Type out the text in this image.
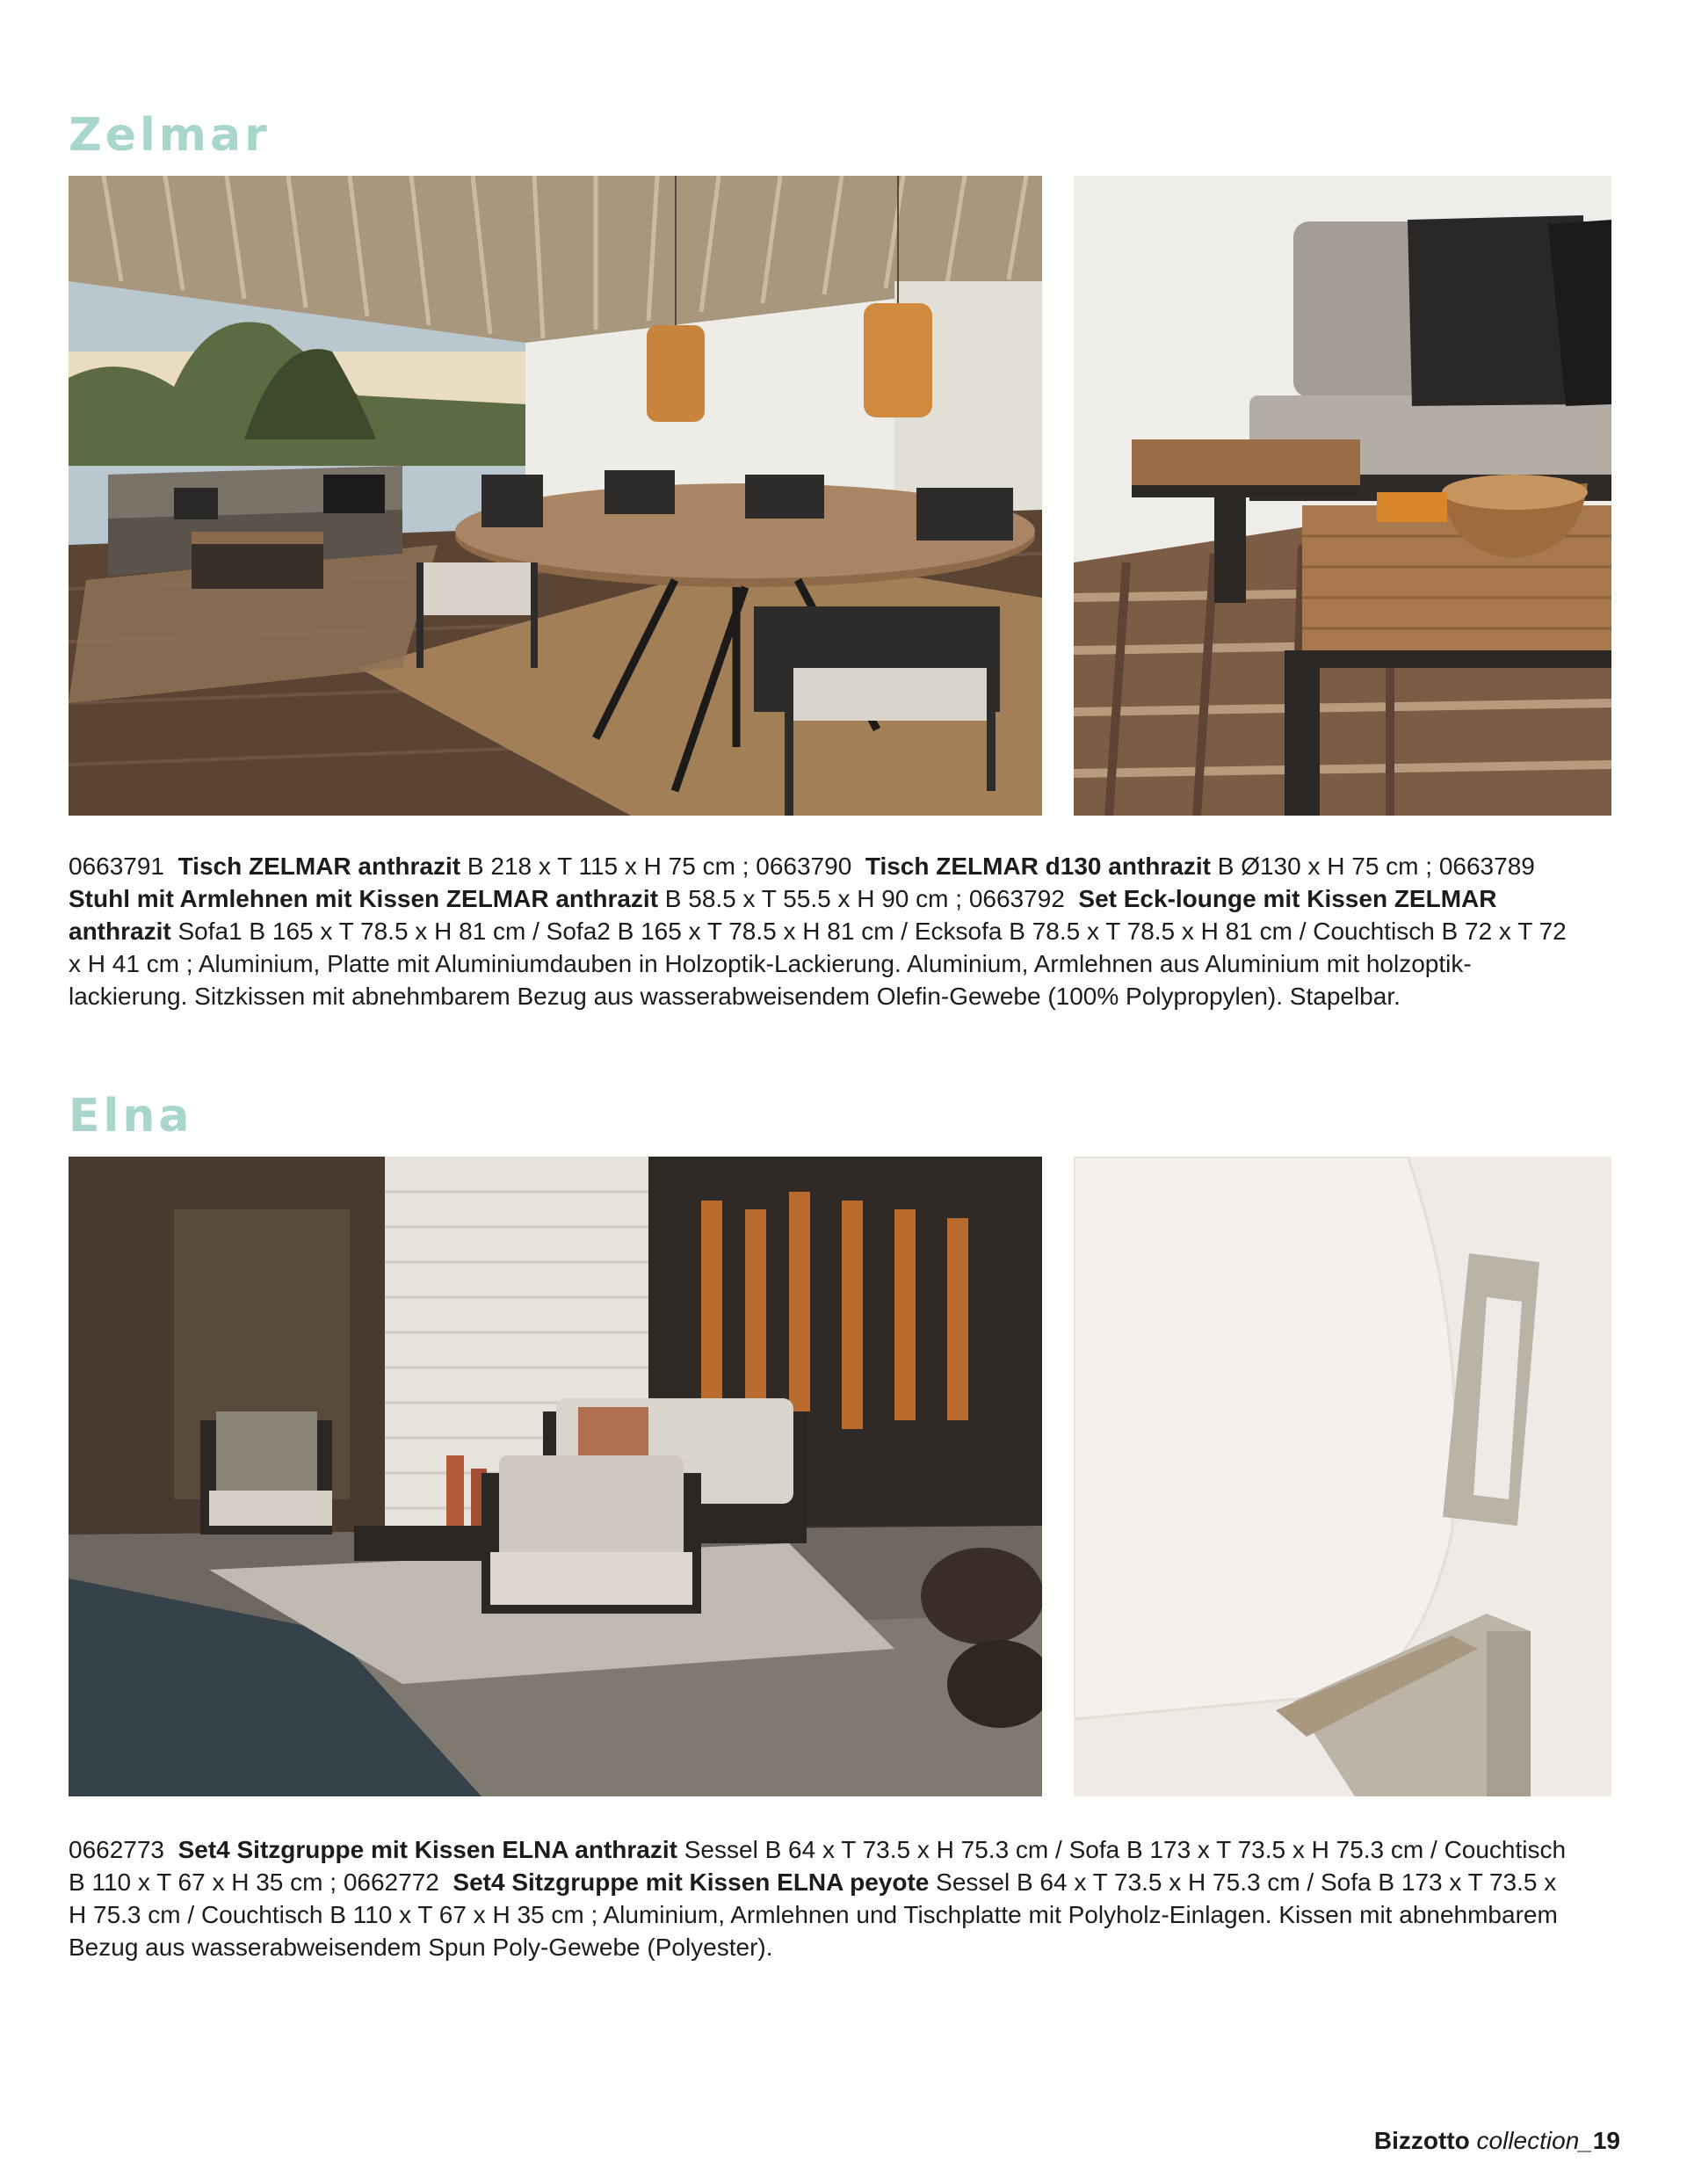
Zelmar

0663791 Tisch ZELMAR anthrazit B 218 x T 115 x H 75 cm ; 0663790 Tisch ZELMAR d130 anthrazit B Ø130 x H 75 cm ; 0663789  Stuhl mit Armlehnen mit Kissen ZELMAR anthrazit B 58.5 x T 55.5 x H 90 cm ; 0663792 Set Eck-lounge mit Kissen ZELMAR anthrazit Sofa1 B 165 x T 78.5 x H 81 cm / Sofa2 B 165 x T 78.5 x H 81 cm / Ecksofa B 78.5 x T 78.5 x H 81 cm / Couchtisch B 72 x T 72 x H 41 cm ; Aluminium, Platte mit Aluminiumdauben in Holzoptik-Lackierung. Aluminium, Armlehnen aus Aluminium mit holzoptik-lackierung. Sitzkissen mit abnehmbarem Bezug aus wasserabweisendem Olefin-Gewebe (100% Polypropylen). Stapelbar.

Elna

0662773 Set4 Sitzgruppe mit Kissen ELNA anthrazit Sessel B 64 x T 73.5 x H 75.3 cm / Sofa B 173 x T 73.5 x H 75.3 cm / Couchtisch B 110 x T 67 x H 35 cm ; 0662772 Set4 Sitzgruppe mit Kissen ELNA peyote Sessel B 64 x T 73.5 x H 75.3 cm / Sofa B 173 x T 73.5 x H 75.3 cm / Couchtisch B 110 x T 67 x H 35 cm ; Aluminium, Armlehnen und Tischplatte mit Polyholz-Einlagen. Kissen mit abnehmbarem Bezug aus wasserabweisendem Spun Poly-Gewebe (Polyester).

Bizzotto collection_19
